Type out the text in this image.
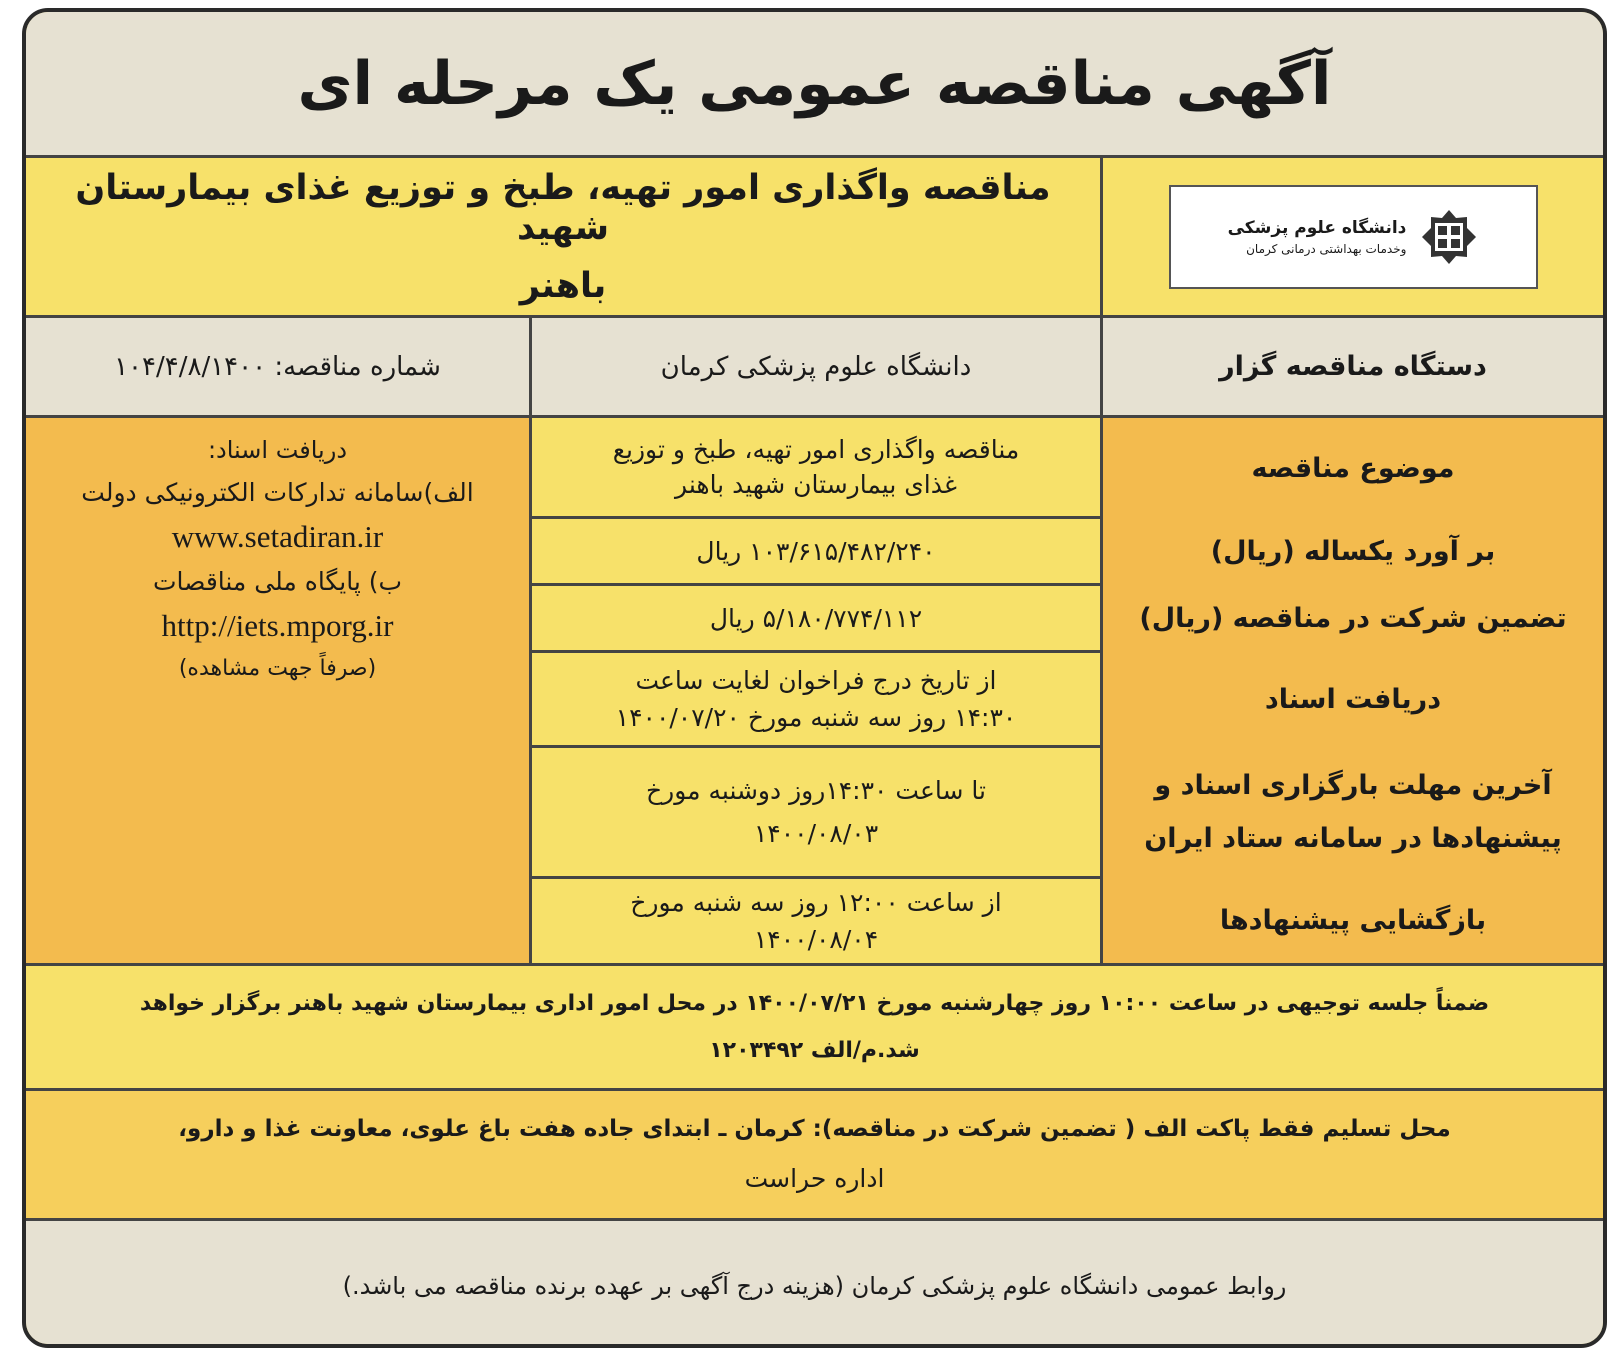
آگهی مناقصه عمومی یک مرحله ای
دانشگاه علوم پزشکی
وخدمات بهداشتی درمانی کرمان
مناقصه واگذاری امور تهیه، طبخ و توزیع غذای بیمارستان شهید
باهنر
دستگاه مناقصه گزار
دانشگاه علوم پزشکی کرمان
شماره مناقصه: ۱۰۴/۴/۸/۱۴۰۰
موضوع مناقصه
بر آورد یکساله (ریال)
تضمین شرکت در مناقصه (ریال)
دریافت اسناد
آخرین مهلت بارگزاری اسناد و
پیشنهادها در سامانه ستاد ایران
بازگشایی پیشنهادها
مناقصه واگذاری امور تهیه، طبخ و توزیع
غذای بیمارستان شهید باهنر
۱۰۳/۶۱۵/۴۸۲/۲۴۰ ریال
۵/۱۸۰/۷۷۴/۱۱۲ ریال
از تاریخ درج فراخوان لغایت ساعت
۱۴:۳۰ روز سه شنبه مورخ ۱۴۰۰/۰۷/۲۰
تا ساعت ۱۴:۳۰روز دوشنبه مورخ
۱۴۰۰/۰۸/۰۳
از ساعت ۱۲:۰۰ روز سه شنبه مورخ
۱۴۰۰/۰۸/۰۴
دریافت اسناد:
الف)سامانه تدارکات الکترونیکی دولت
www.setadiran.ir
ب) پایگاه ملی مناقصات
http://iets.mporg.ir
(صرفاً جهت مشاهده)
ضمناً جلسه توجیهی در ساعت ۱۰:۰۰ روز چهارشنبه مورخ ۱۴۰۰/۰۷/۲۱ در محل امور اداری بیمارستان شهید باهنر برگزار خواهد
شد.م/الف ۱۲۰۳۴۹۲
محل تسلیم فقط پاکت الف ( تضمین شرکت در مناقصه): کرمان ـ ابتدای جاده هفت باغ علوی، معاونت غذا و دارو،
اداره حراست
روابط عمومی دانشگاه علوم پزشکی کرمان (هزینه درج آگهی بر عهده برنده مناقصه می باشد.)
